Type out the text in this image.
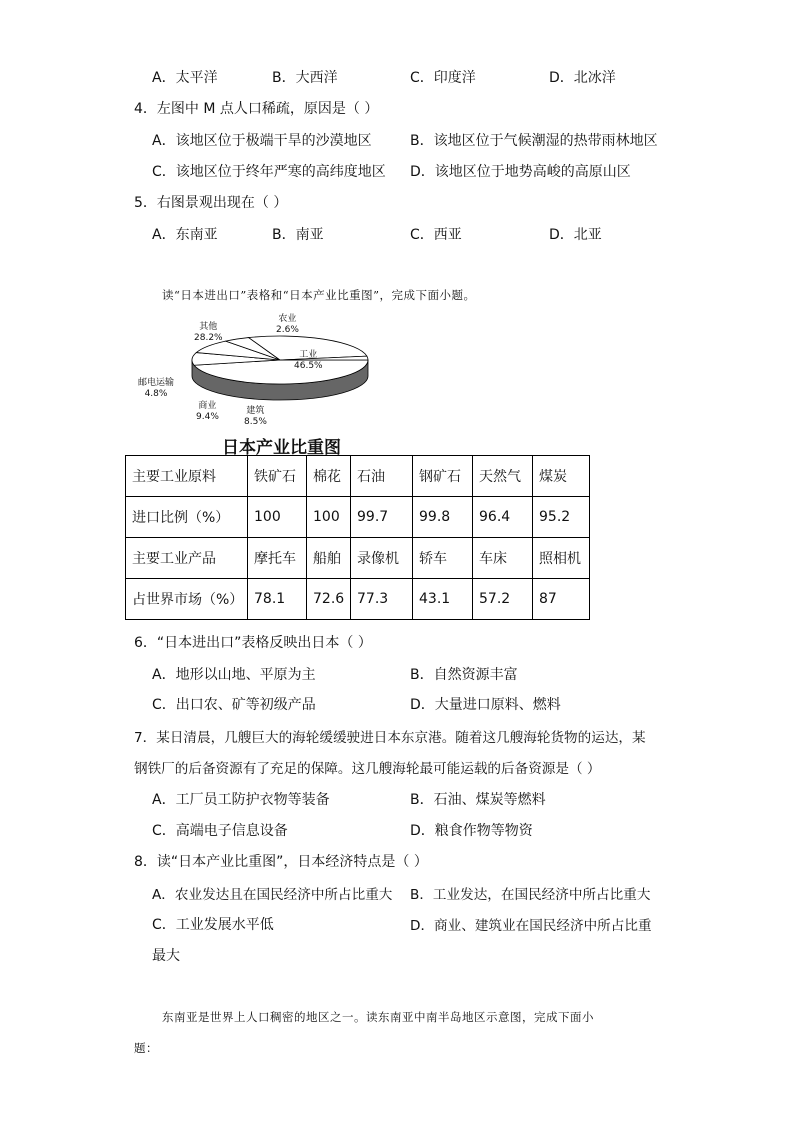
A．太平洋	B．大西洋	C．印度洋	D．北冰洋
4．左图中 M 点人口稀疏，原因是（ ）
A．该地区位于极端干旱的沙漠地区	B．该地区位于气候潮湿的热带雨林地区
C．该地区位于终年严寒的高纬度地区 D．该地区位于地势高峻的高原山区
5．右图景观出现在（ ）
A．东南亚	B．南亚	C．西亚	D．北亚
读“日本进出口”表格和“日本产业比重图”，完成下面小题。
其他
28.2%
农业
2.6%
工业
46.5%
邮电运输
4.8%
商业
9.4%
建筑
8.5%
日本产业比重图
主要工业原料	铁矿石	棉花	石油	钢矿石	天然气	煤炭
进口比例（%）	100	100	99.7	99.8	96.4	95.2
主要工业产品	摩托车	船舶	录像机	轿车	车床	照相机
占世界市场（%）	78.1	72.6	77.3	43.1	57.2	87
6．“日本进出口”表格反映出日本（ ）
A．地形以山地、平原为主	B．自然资源丰富
C．出口农、矿等初级产品	D．大量进口原料、燃料
7．某日清晨，几艘巨大的海轮缓缓驶进日本东京港。随着这几艘海轮货物的运达，某
钢铁厂的后备资源有了充足的保障。这几艘海轮最可能运载的后备资源是（ ）
A．工厂员工防护衣物等装备	B．石油、煤炭等燃料
C．高端电子信息设备	D．粮食作物等物资
8．读“日本产业比重图”，日本经济特点是（ ）
A．农业发达且在国民经济中所占比重大 B．工业发达，在国民经济中所占比重大
C．工业发展水平低	D．商业、建筑业在国民经济中所占比重
最大
东南亚是世界上人口稠密的地区之一。读东南亚中南半岛地区示意图，完成下面小
题：
